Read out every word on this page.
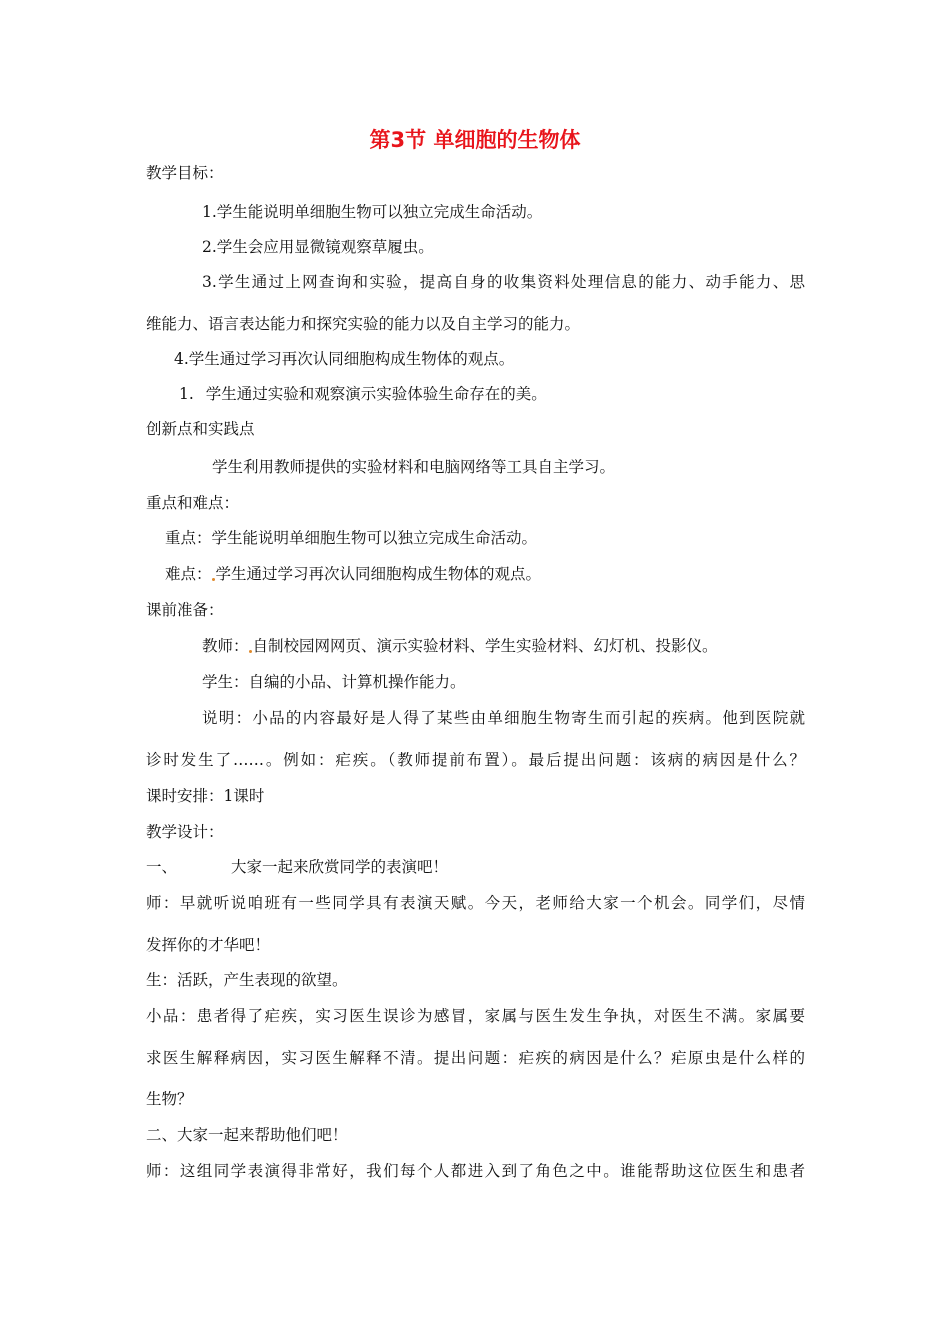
第3节 单细胞的生物体
教学目标：
1.学生能说明单细胞生物可以独立完成生命活动。
2.学生会应用显微镜观察草履虫。
3.学生通过上网查询和实验，提高自身的收集资料处理信息的能力、动手能力、思
维能力、语言表达能力和探究实验的能力以及自主学习的能力。
4.学生通过学习再次认同细胞构成生物体的观点。
1. 学生通过实验和观察演示实验体验生命存在的美。
创新点和实践点
学生利用教师提供的实验材料和电脑网络等工具自主学习。
重点和难点：
重点：学生能说明单细胞生物可以独立完成生命活动。
难点： 学生通过学习再次认同细胞构成生物体的观点。
课前准备：
教师： 自制校园网网页、演示实验材料、学生实验材料、幻灯机、投影仪。
学生：自编的小品、计算机操作能力。
说明：小品的内容最好是人得了某些由单细胞生物寄生而引起的疾病。他到医院就
诊时发生了……。例如：疟疾。（教师提前布置）。最后提出问题：该病的病因是什么？
课时安排：1课时
教学设计：
一、	大家一起来欣赏同学的表演吧！
师：早就听说咱班有一些同学具有表演天赋。今天，老师给大家一个机会。同学们，尽情
发挥你的才华吧！
生：活跃，产生表现的欲望。
小品：患者得了疟疾，实习医生误诊为感冒，家属与医生发生争执，对医生不满。家属要
求医生解释病因，实习医生解释不清。提出问题：疟疾的病因是什么？疟原虫是什么样的
生物？
二、大家一起来帮助他们吧！
师：这组同学表演得非常好，我们每个人都进入到了角色之中。谁能帮助这位医生和患者
